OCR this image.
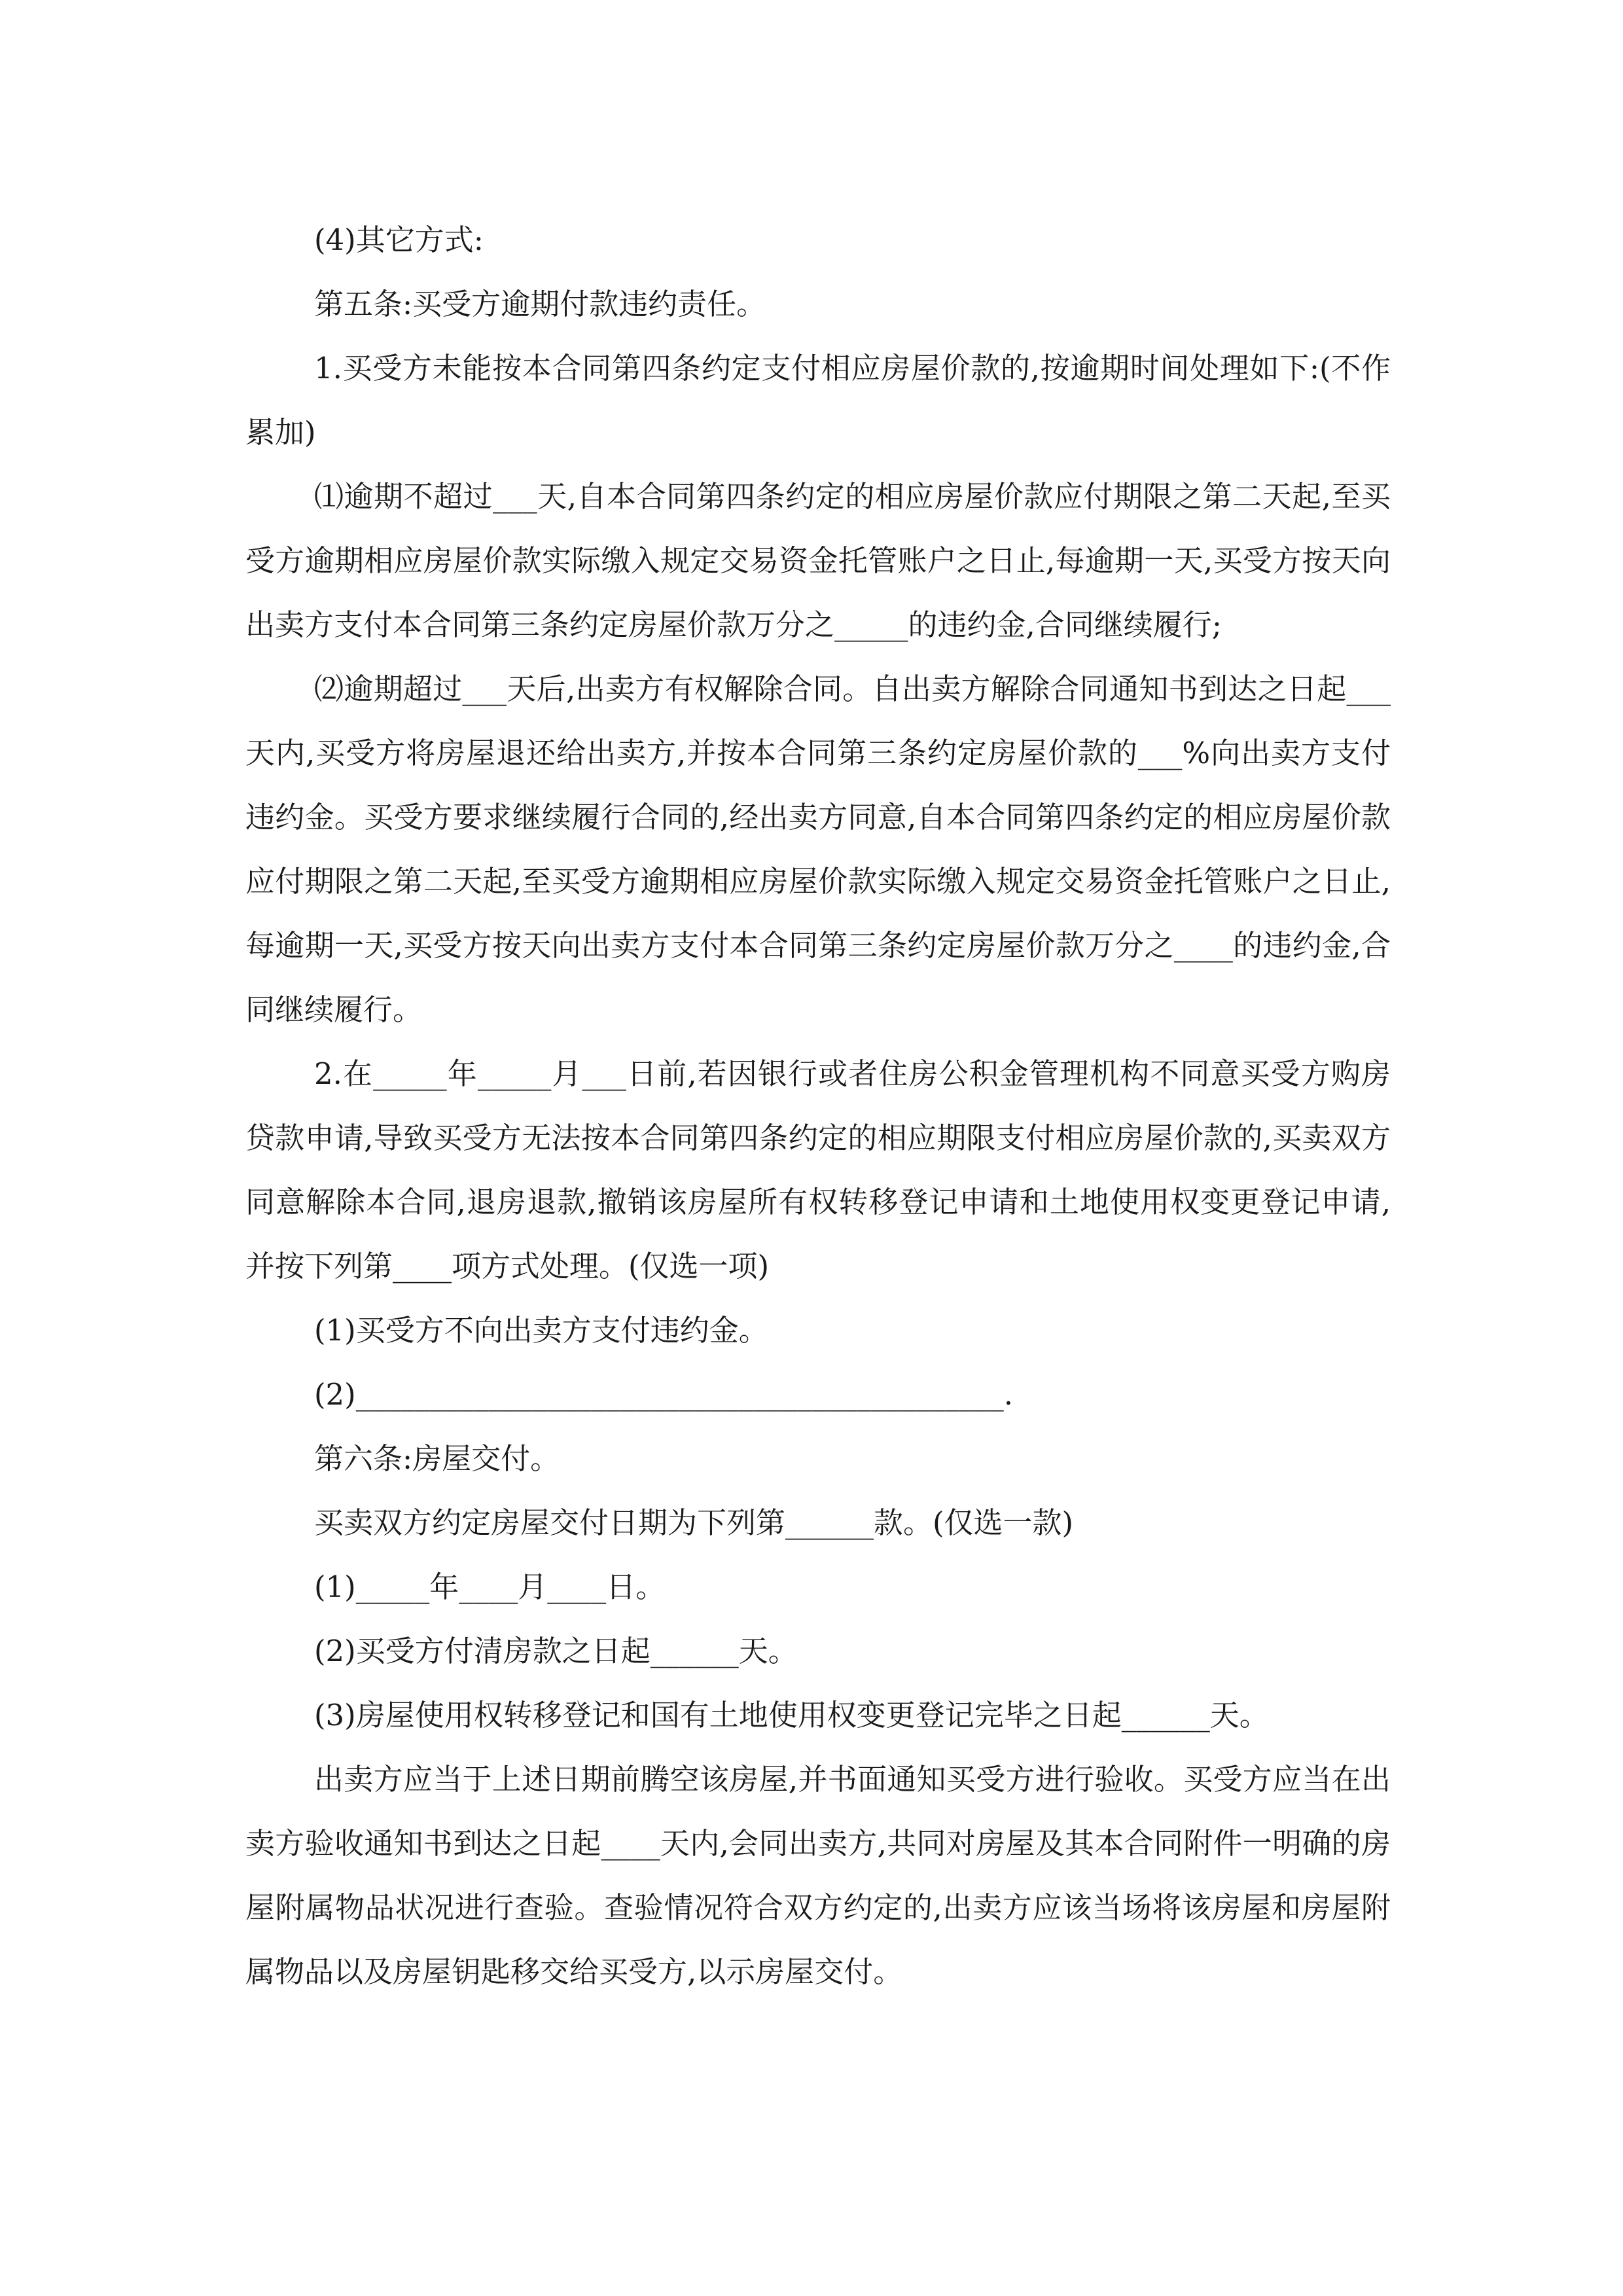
(4)其它方式:

第五条:买受方逾期付款违约责任。

1.买受方未能按本合同第四条约定支付相应房屋价款的,按逾期时间处理如下:(不作累加)

⑴逾期不超过___天,自本合同第四条约定的相应房屋价款应付期限之第二天起,至买受方逾期相应房屋价款实际缴入规定交易资金托管账户之日止,每逾期一天,买受方按天向出卖方支付本合同第三条约定房屋价款万分之_____的违约金,合同继续履行;

⑵逾期超过___天后,出卖方有权解除合同。自出卖方解除合同通知书到达之日起___天内,买受方将房屋退还给出卖方,并按本合同第三条约定房屋价款的___%向出卖方支付违约金。买受方要求继续履行合同的,经出卖方同意,自本合同第四条约定的相应房屋价款应付期限之第二天起,至买受方逾期相应房屋价款实际缴入规定交易资金托管账户之日止,每逾期一天,买受方按天向出卖方支付本合同第三条约定房屋价款万分之____的违约金,合同继续履行。

2.在_____年_____月___日前,若因银行或者住房公积金管理机构不同意买受方购房贷款申请,导致买受方无法按本合同第四条约定的相应期限支付相应房屋价款的,买卖双方同意解除本合同,退房退款,撤销该房屋所有权转移登记申请和土地使用权变更登记申请,并按下列第____项方式处理。(仅选一项)

(1)买受方不向出卖方支付违约金。

(2)____________________________________________.

第六条:房屋交付。

买卖双方约定房屋交付日期为下列第______款。(仅选一款)

(1)_____年____月____日。

(2)买受方付清房款之日起______天。

(3)房屋使用权转移登记和国有土地使用权变更登记完毕之日起______天。

出卖方应当于上述日期前腾空该房屋,并书面通知买受方进行验收。买受方应当在出卖方验收通知书到达之日起____天内,会同出卖方,共同对房屋及其本合同附件一明确的房屋附属物品状况进行查验。查验情况符合双方约定的,出卖方应该当场将该房屋和房屋附属物品以及房屋钥匙移交给买受方,以示房屋交付。
